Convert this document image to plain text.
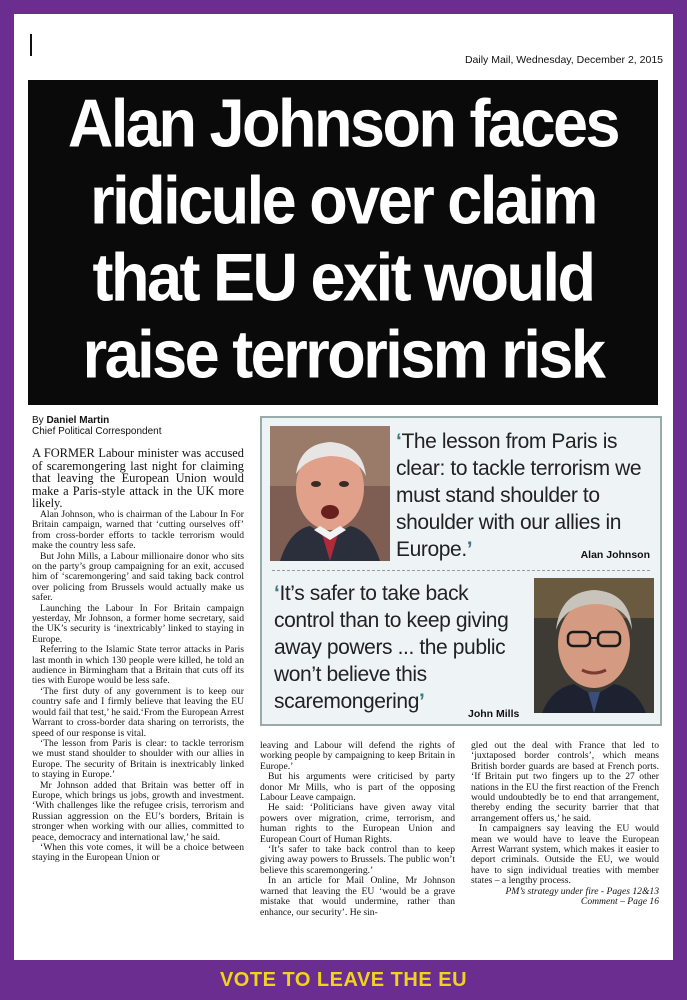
Daily Mail, Wednesday, December 2, 2015
Alan Johnson faces
ridicule over claim
that EU exit would
raise terrorism risk
By Daniel Martin
Chief Political Correspondent

A FORMER Labour minister was accused of scaremongering last night for claiming that leaving the European Union would make a Paris-style attack in the UK more likely.

Alan Johnson, who is chairman of the Labour In For Britain campaign, warned that ‘cutting ourselves off’ from cross-border efforts to tackle terrorism would make the country less safe.

But John Mills, a Labour millionaire donor who sits on the party’s group campaigning for an exit, accused him of ‘scaremongering’ and said taking back control over policing from Brussels would actually make us safer.

Launching the Labour In For Britain campaign yesterday, Mr Johnson, a former home secretary, said the UK’s security is ‘inextricably’ linked to staying in Europe.

Referring to the Islamic State terror attacks in Paris last month in which 130 people were killed, he told an audience in Birmingham that a Britain that cuts off its ties with Europe would be less safe.

‘The first duty of any government is to keep our country safe and I firmly believe that leaving the EU would fail that test,’ he said.‘From the European Arrest Warrant to cross-border data sharing on terrorists, the speed of our response is vital.

‘The lesson from Paris is clear: to tackle terrorism we must stand shoulder to shoulder with our allies in Europe. The security of Britain is inextricably linked to staying in Europe.’

Mr Johnson added that Britain was better off in Europe, which brings us jobs, growth and investment. ‘With challenges like the refugee crisis, terrorism and Russian aggression on the EU’s borders, Britain is stronger when working with our allies, committed to peace, democracy and international law,’ he said.

‘When this vote comes, it will be a choice between staying in the European Union or

‘The lesson from Paris is clear: to tackle terrorism we must stand shoulder to shoulder with our allies in Europe.’	Alan Johnson
‘It’s safer to take back control than to keep giving away powers ... the public won’t believe this scaremongering’
John Mills

leaving and Labour will defend the rights of working people by campaigning to keep Britain in Europe.’

But his arguments were criticised by party donor Mr Mills, who is part of the opposing Labour Leave campaign.

He said: ‘Politicians have given away vital powers over migration, crime, terrorism, and human rights to the European Union and European Court of Human Rights.

‘It’s safer to take back control than to keep giving away powers to Brussels. The public won’t believe this scaremongering.’

In an article for Mail Online, Mr Johnson warned that leaving the EU ‘would be a grave mistake that would undermine, rather than enhance, our security’. He sin-

gled out the deal with France that led to ‘juxtaposed border controls’, which means British border guards are based at French ports. ‘If Britain put two fingers up to the 27 other nations in the EU the first reaction of the French would undoubtedly be to end that arrangement, thereby ending the security barrier that that arrangement offers us,’ he said.

In campaigners say leaving the EU would mean we would have to leave the European Arrest Warrant system, which makes it easier to deport criminals. Outside the EU, we would have to sign individual treaties with member states – a lengthy process.

PM’s strategy under fire - Pages 12&13

Comment – Page 16

VOTE TO LEAVE THE EU
